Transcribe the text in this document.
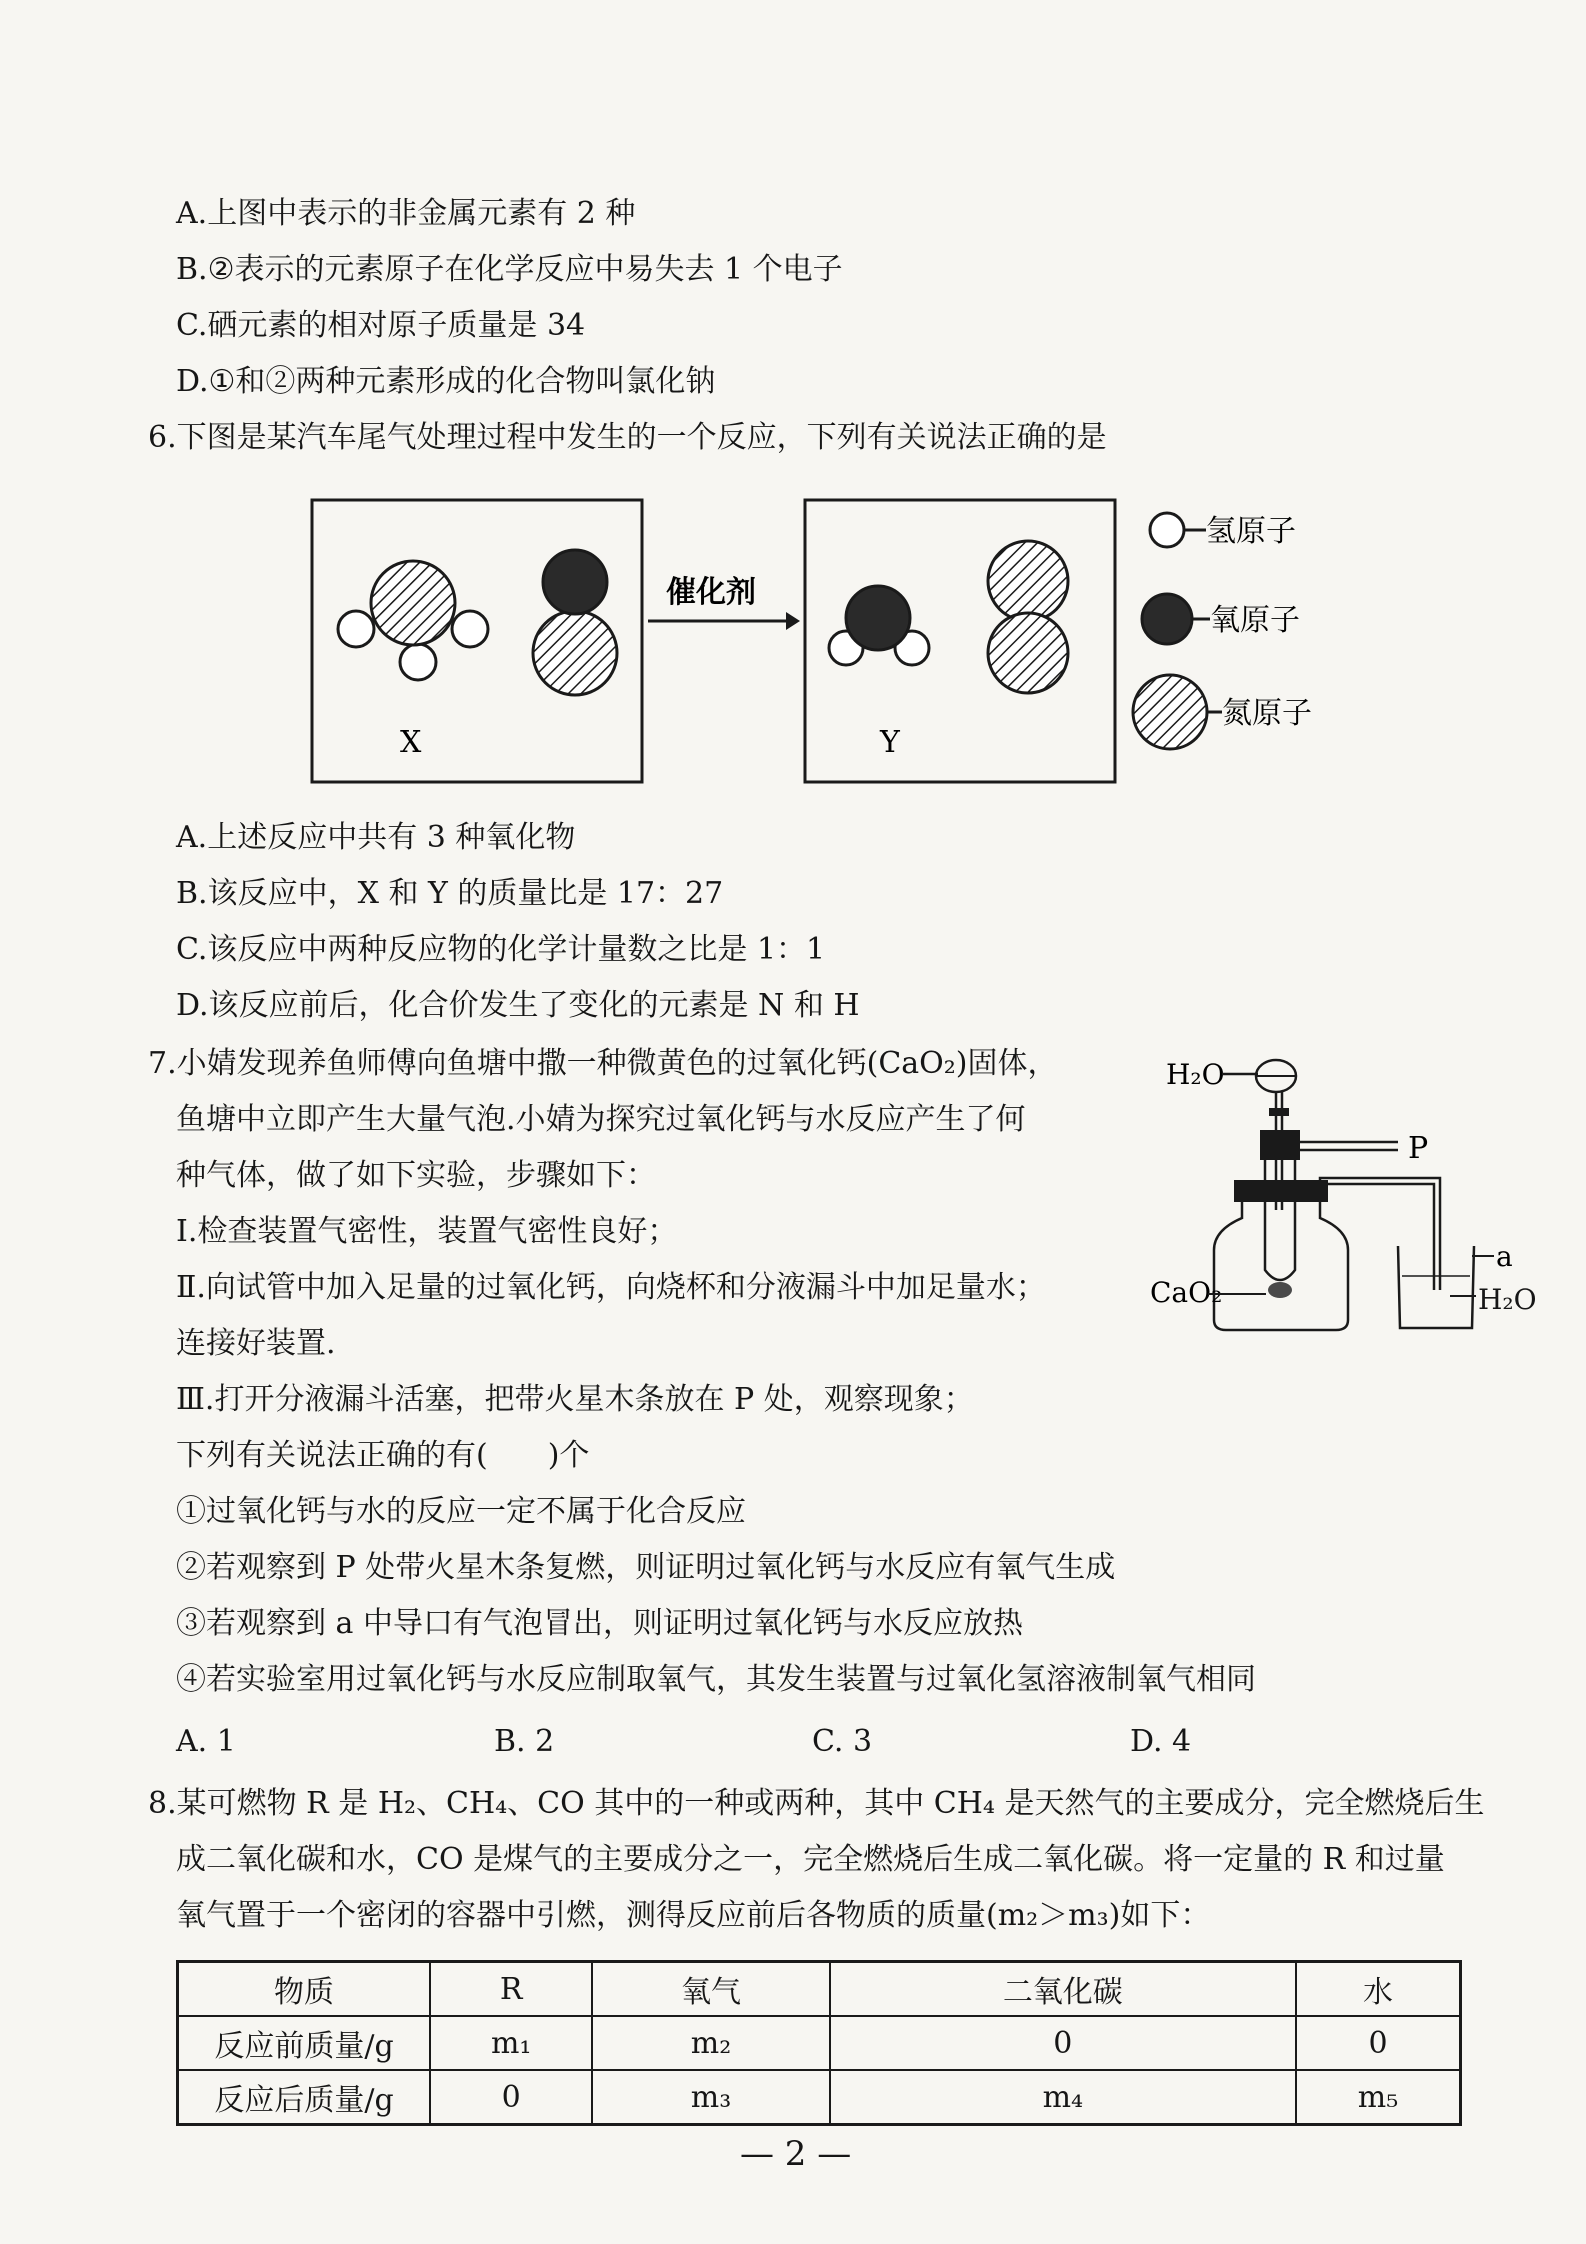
A.上图中表示的非金属元素有 2 种
B.②表示的元素原子在化学反应中易失去 1 个电子
C.硒元素的相对原子质量是 34
D.①和②两种元素形成的化合物叫氯化钠
6.下图是某汽车尾气处理过程中发生的一个反应，下列有关说法正确的是
X
催化剂
Y
氢原子
氧原子
氮原子
A.上述反应中共有 3 种氧化物
B.该反应中，X 和 Y 的质量比是 17：27
C.该反应中两种反应物的化学计量数之比是 1：1
D.该反应前后，化合价发生了变化的元素是 N 和 H
7.小婧发现养鱼师傅向鱼塘中撒一种微黄色的过氧化钙(CaO₂)固体，
鱼塘中立即产生大量气泡.小婧为探究过氧化钙与水反应产生了何
种气体，做了如下实验，步骤如下：
Ⅰ.检查装置气密性，装置气密性良好；
Ⅱ.向试管中加入足量的过氧化钙，向烧杯和分液漏斗中加足量水；
连接好装置.
Ⅲ.打开分液漏斗活塞，把带火星木条放在 P 处，观察现象；
下列有关说法正确的有(　　)个
①过氧化钙与水的反应一定不属于化合反应
②若观察到 P 处带火星木条复燃，则证明过氧化钙与水反应有氧气生成
③若观察到 a 中导口有气泡冒出，则证明过氧化钙与水反应放热
④若实验室用过氧化钙与水反应制取氧气，其发生装置与过氧化氢溶液制氧气相同
A. 1	B. 2	C. 3	D. 4
H₂O
P
CaO₂
a
H₂O
8.某可燃物 R 是 H₂、CH₄、CO 其中的一种或两种，其中 CH₄ 是天然气的主要成分，完全燃烧后生
成二氧化碳和水，CO 是煤气的主要成分之一，完全燃烧后生成二氧化碳。将一定量的 R 和过量
氧气置于一个密闭的容器中引燃，测得反应前后各物质的质量(m₂＞m₃)如下：
物质	R	氧气	二氧化碳	水
反应前质量/g	m₁	m₂	0	0
反应后质量/g	0	m₃	m₄	m₅
— 2 —
